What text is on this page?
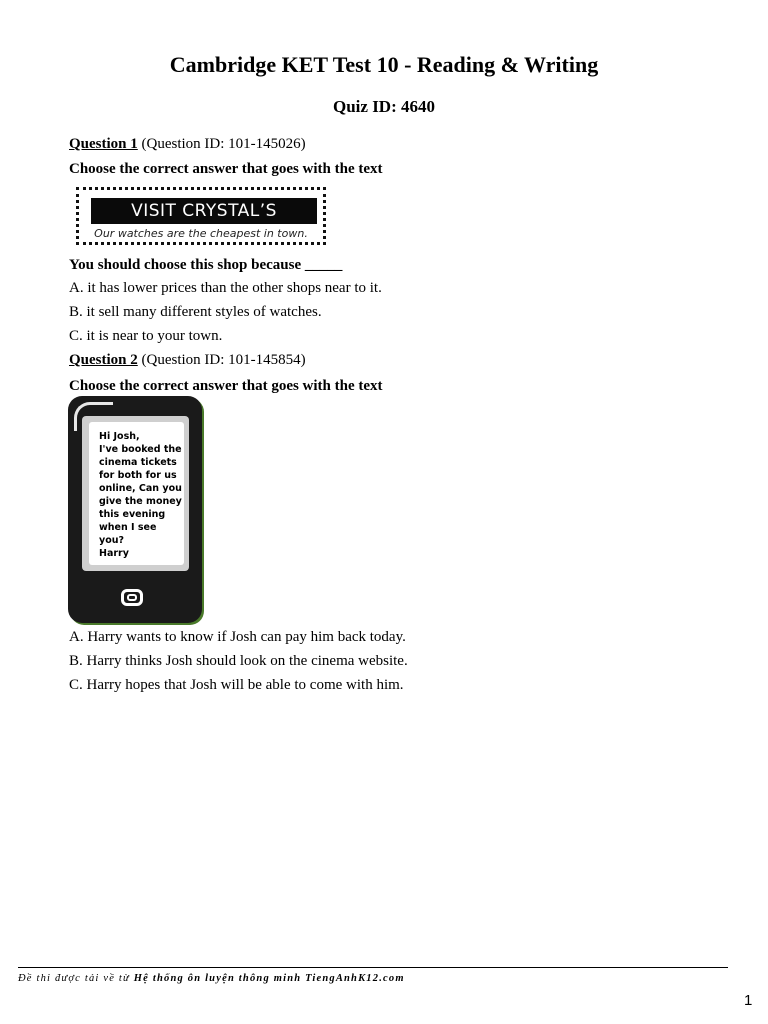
Cambridge KET Test 10 - Reading & Writing
Quiz ID: 4640
Question 1 (Question ID: 101-145026)
Choose the correct answer that goes with the text
VISIT CRYSTAL’S
Our watches are the cheapest in town.
You should choose this shop because _____
A. it has lower prices than the other shops near to it.
B. it sell many different styles of watches.
C. it is near to your town.
Question 2 (Question ID: 101-145854)
Choose the correct answer that goes with the text
Hi Josh,
I've booked the
cinema tickets
for both for us
online, Can you
give the money
this evening
when I see
you?
Harry
A. Harry wants to know if Josh can pay him back today.
B. Harry thinks Josh should look on the cinema website.
C. Harry hopes that Josh will be able to come with him.
Đề thi được tải về từ Hệ thống ôn luyện thông minh TiengAnhK12.com
1
